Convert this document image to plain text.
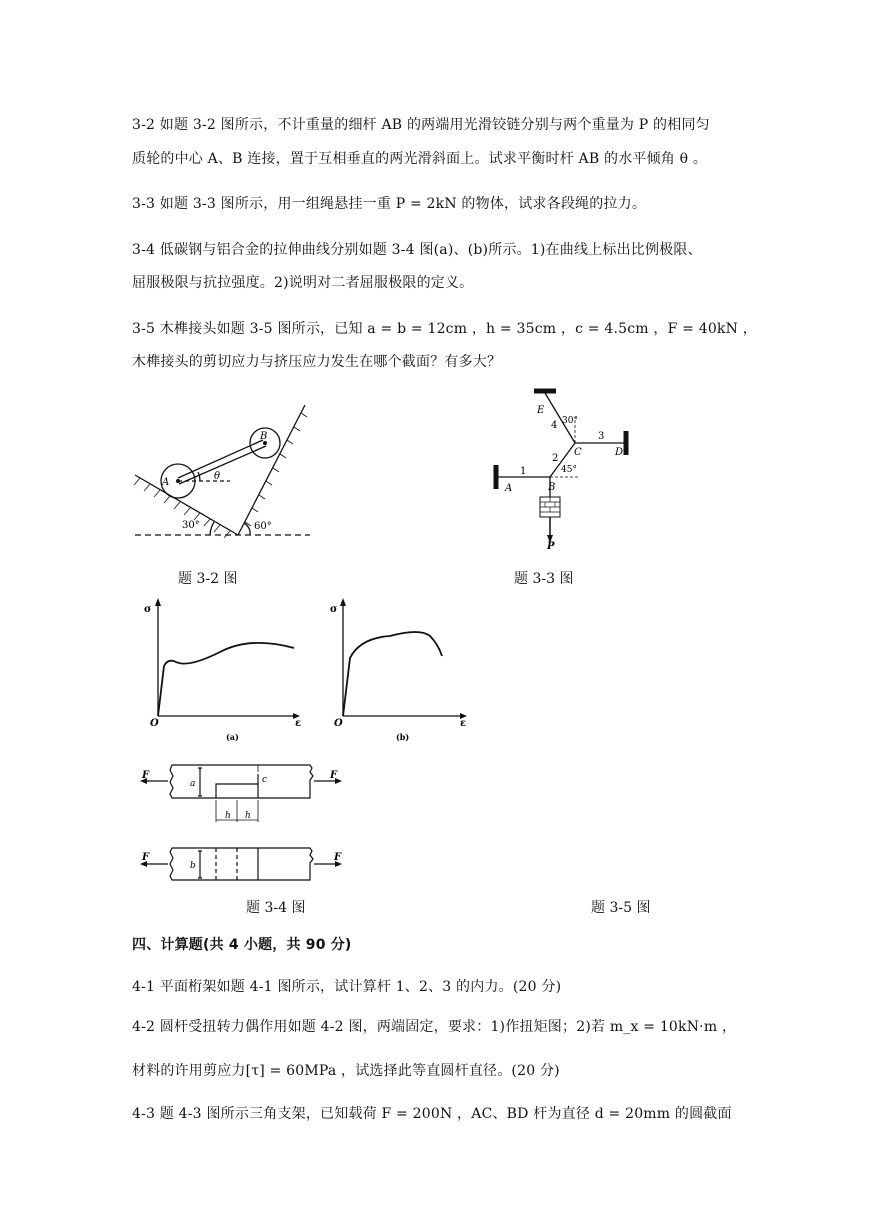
3-2 如题 3-2 图所示，不计重量的细杆 AB 的两端用光滑铰链分别与两个重量为 P 的相同匀
质轮的中心 A、B 连接，置于互相垂直的两光滑斜面上。试求平衡时杆 AB 的水平倾角 θ 。
3-3 如题 3-3 图所示，用一组绳悬挂一重 P = 2kN 的物体，试求各段绳的拉力。
3-4 低碳钢与铝合金的拉伸曲线分别如题 3-4 图(a)、(b)所示。1)在曲线上标出比例极限、
屈服极限与抗拉强度。2)说明对二者屈服极限的定义。
3-5 木榫接头如题 3-5 图所示，已知 a = b = 12cm ，h = 35cm ，c = 4.5cm ，F = 40kN ，
木榫接头的剪切应力与挤压应力发生在哪个截面？有多大？
A
B
θ
30°	60°
E
4 30°
3
C	D
2
45°
1
A	B
P
题 3-2 图	题 3-3 图
σ
O	ε
(a)
σ
O	ε
(b)
F	F
a	c
h h
F	F
b
题 3-4 图	题 3-5 图
四、计算题(共 4 小题，共 90 分)
4-1 平面桁架如题 4-1 图所示，试计算杆 1、2、3 的内力。(20 分)
4-2 圆杆受扭转力偶作用如题 4-2 图，两端固定，要求：1)作扭矩图；2)若 m_x = 10kN·m ，
材料的许用剪应力[τ] = 60MPa ，试选择此等直圆杆直径。(20 分)
4-3 题 4-3 图所示三角支架，已知载荷 F = 200N ，AC、BD 杆为直径 d = 20mm 的圆截面
